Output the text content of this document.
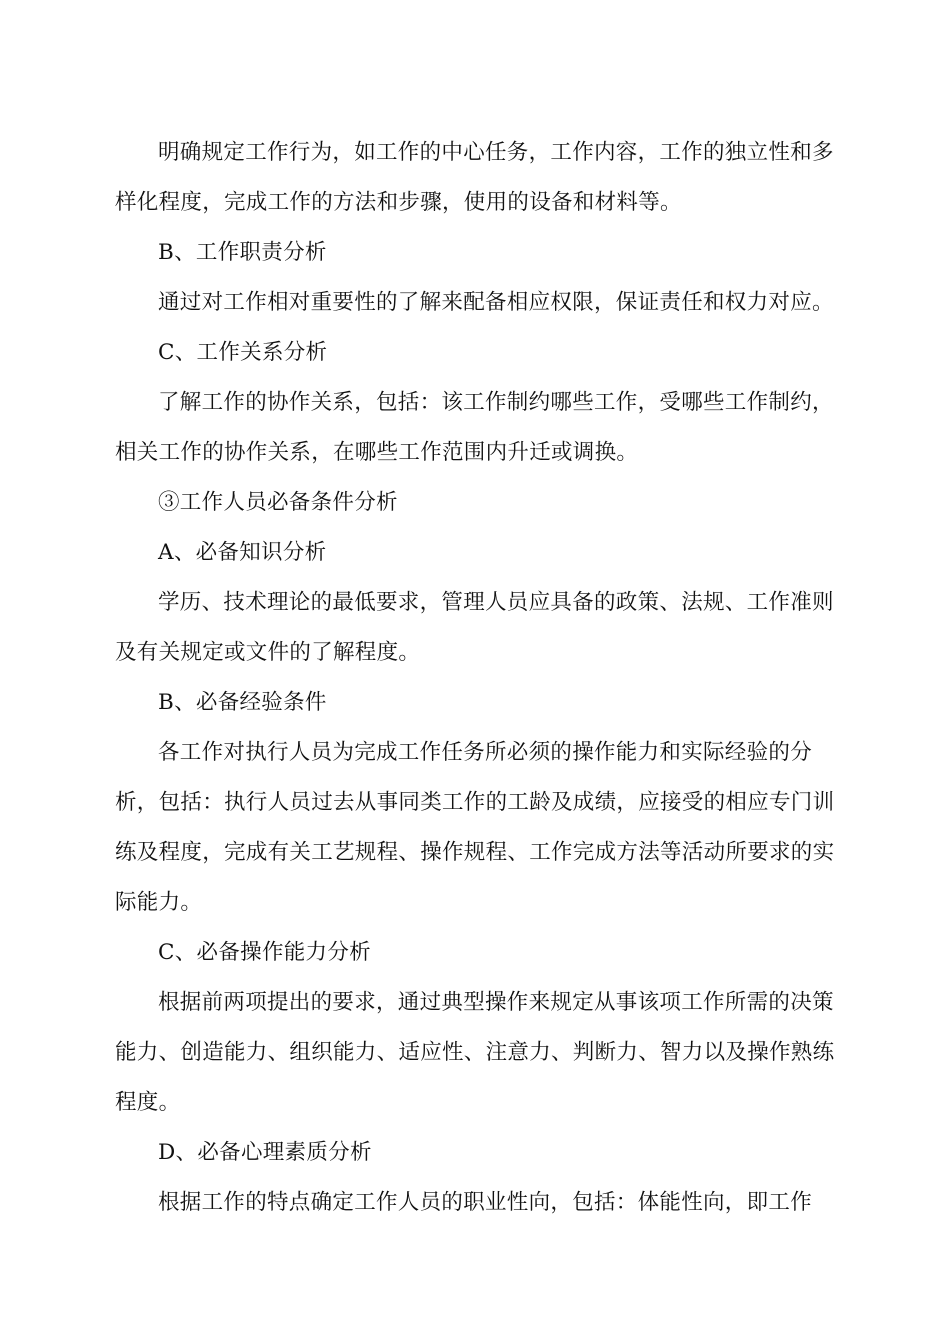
明确规定工作行为，如工作的中心任务，工作内容，工作的独立性和多样化程度，完成工作的方法和步骤，使用的设备和材料等。

B、工作职责分析

通过对工作相对重要性的了解来配备相应权限，保证责任和权力对应。

C、工作关系分析

了解工作的协作关系，包括：该工作制约哪些工作，受哪些工作制约，相关工作的协作关系，在哪些工作范围内升迁或调换。

③工作人员必备条件分析

A、必备知识分析

学历、技术理论的最低要求，管理人员应具备的政策、法规、工作准则及有关规定或文件的了解程度。

B、必备经验条件

各工作对执行人员为完成工作任务所必须的操作能力和实际经验的分析，包括：执行人员过去从事同类工作的工龄及成绩，应接受的相应专门训练及程度，完成有关工艺规程、操作规程、工作完成方法等活动所要求的实际能力。

C、必备操作能力分析

根据前两项提出的要求，通过典型操作来规定从事该项工作所需的决策能力、创造能力、组织能力、适应性、注意力、判断力、智力以及操作熟练程度。

D、必备心理素质分析

根据工作的特点确定工作人员的职业性向，包括：体能性向，即工作
